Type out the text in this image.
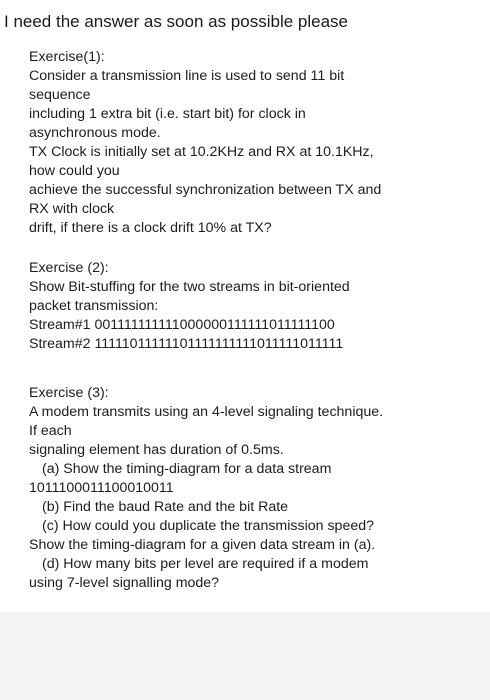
I need the answer as soon as possible please
Exercise(1):
Consider a transmission line is used to send 11 bit
sequence
including 1 extra bit (i.e. start bit) for clock in
asynchronous mode.
TX Clock is initially set at 10.2KHz and RX at 10.1KHz,
how could you
achieve the successful synchronization between TX and
RX with clock
drift, if there is a clock drift 10% at TX?
Exercise (2):
Show Bit-stuffing for the two streams in bit-oriented
packet transmission:
Stream#1 001111111111000000111111011111100
Stream#2 11111011111101111111111011111011111
Exercise (3):
A modem transmits using an 4-level signaling technique.
If each
signaling element has duration of 0.5ms.
(a) Show the timing-diagram for a data stream
1011100011100010011
(b) Find the baud Rate and the bit Rate
(c) How could you duplicate the transmission speed?
Show the timing-diagram for a given data stream in (a).
(d) How many bits per level are required if a modem
using 7-level signalling mode?
